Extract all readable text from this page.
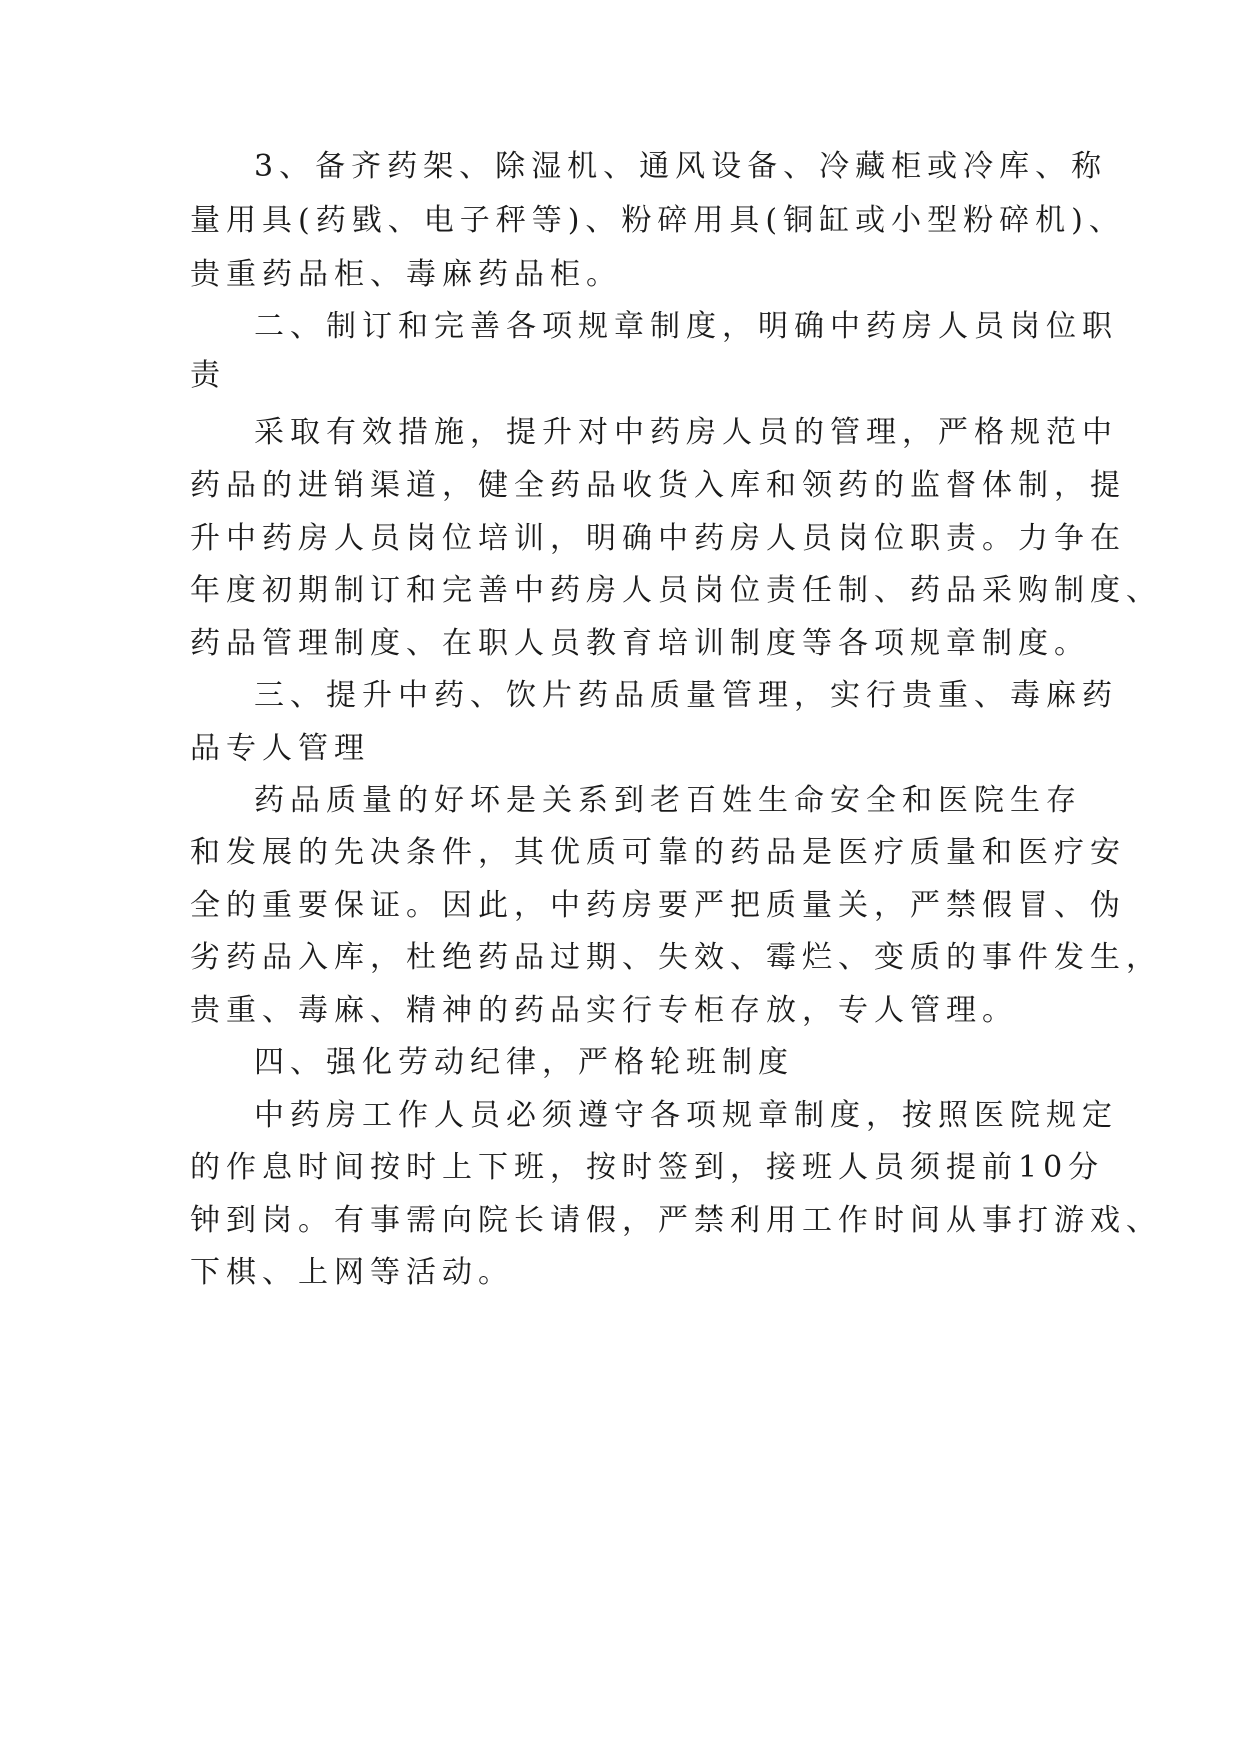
3、备齐药架、除湿机、通风设备、冷藏柜或冷库、称
量用具(药戥、电子秤等)、粉碎用具(铜缸或小型粉碎机)、
贵重药品柜、毒麻药品柜。
二、制订和完善各项规章制度，明确中药房人员岗位职
责
采取有效措施，提升对中药房人员的管理，严格规范中
药品的进销渠道，健全药品收货入库和领药的监督体制，提
升中药房人员岗位培训，明确中药房人员岗位职责。力争在
年度初期制订和完善中药房人员岗位责任制、药品采购制度、
药品管理制度、在职人员教育培训制度等各项规章制度。
三、提升中药、饮片药品质量管理，实行贵重、毒麻药
品专人管理
药品质量的好坏是关系到老百姓生命安全和医院生存
和发展的先决条件，其优质可靠的药品是医疗质量和医疗安
全的重要保证。因此，中药房要严把质量关，严禁假冒、伪
劣药品入库，杜绝药品过期、失效、霉烂、变质的事件发生，
贵重、毒麻、精神的药品实行专柜存放，专人管理。
四、强化劳动纪律，严格轮班制度
中药房工作人员必须遵守各项规章制度，按照医院规定
的作息时间按时上下班，按时签到，接班人员须提前10分
钟到岗。有事需向院长请假，严禁利用工作时间从事打游戏、
下棋、上网等活动。
